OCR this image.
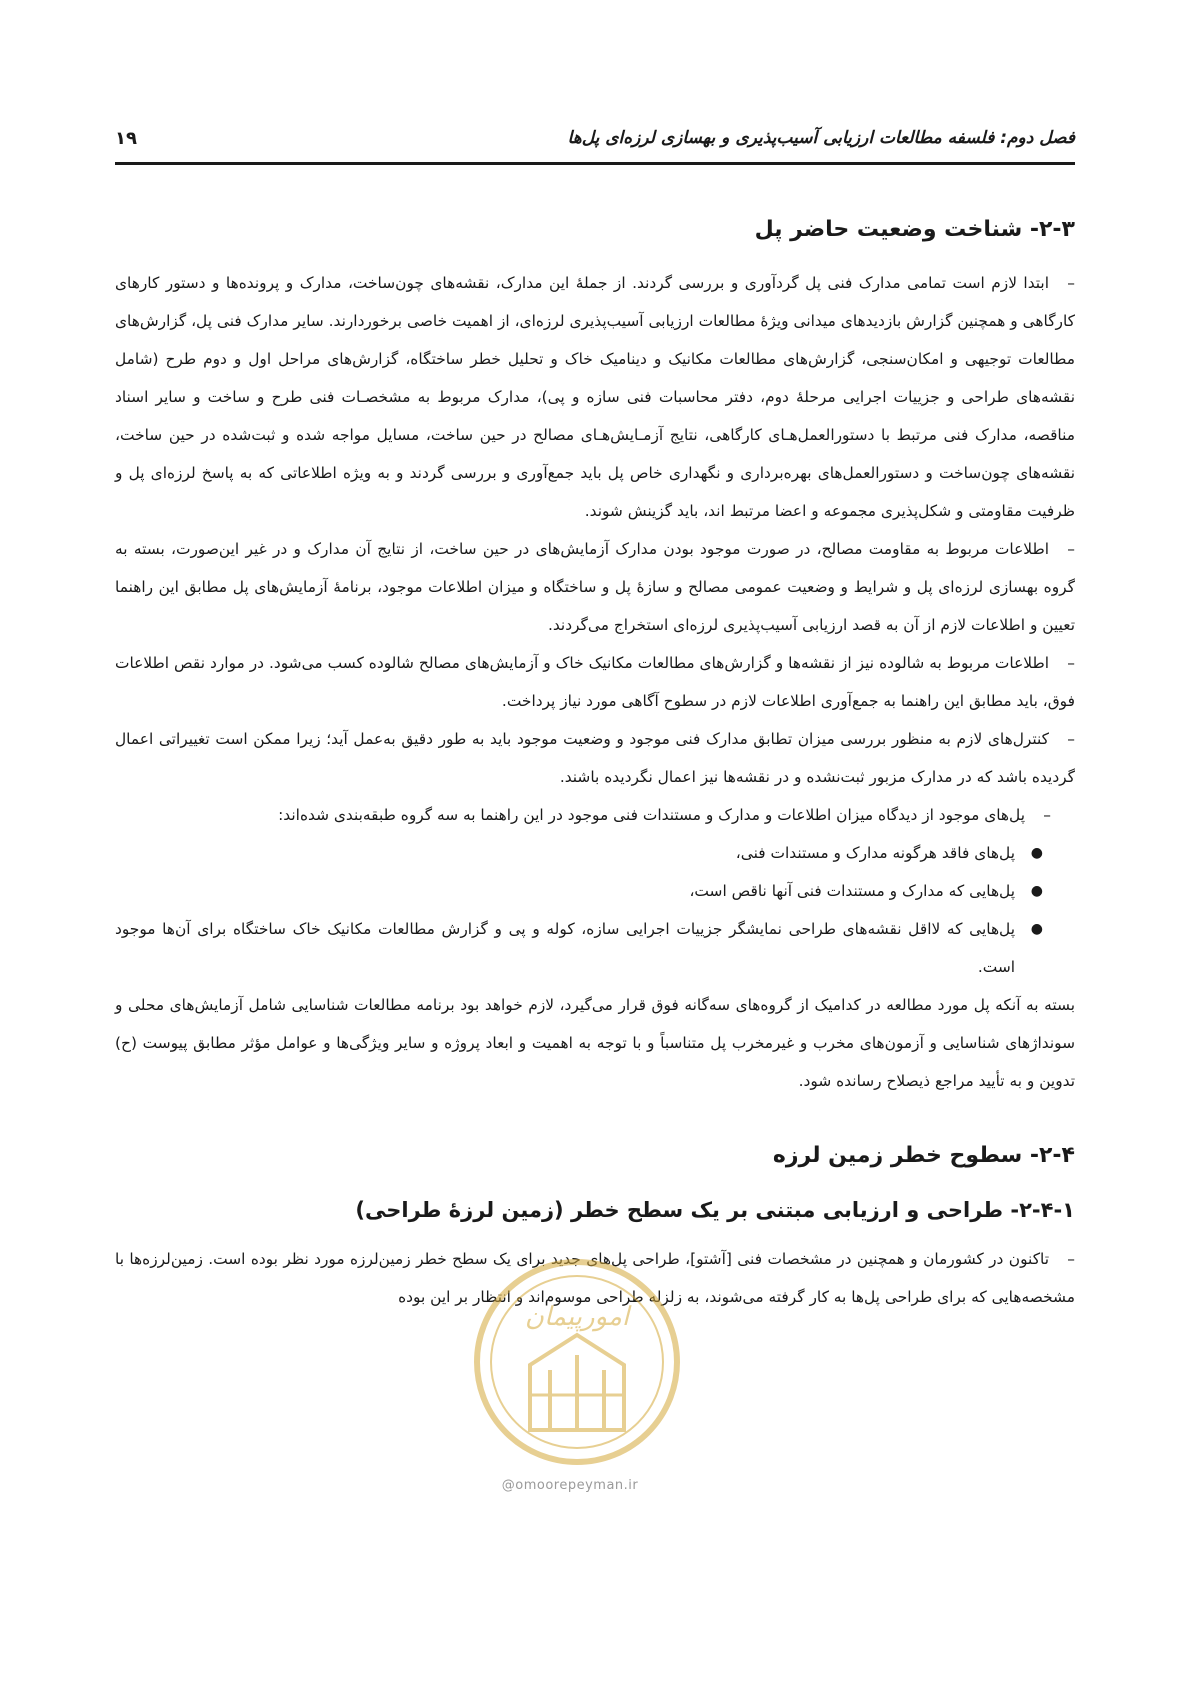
فصل دوم: فلسفه مطالعات ارزیابی آسیب‌پذیری و بهسازی لرزه‌ای پل‌ها
۱۹
۲-۳- شناخت وضعیت حاضر پل

–ابتدا لازم است تمامی مدارک فنی پل گردآوری و بررسی گردند. از جملهٔ این مدارک، نقشه‌های چون‌ساخت، مدارک و پرونده‌ها و دستور کارهای کارگاهی و همچنین گزارش بازدیدهای میدانی ویژهٔ مطالعات ارزیابی آسیب‌پذیری لرزه‌ای، از اهمیت خاصی برخوردارند. سایر مدارک فنی پل، گزارش‌های مطالعات توجیهی و امکان‌سنجی، گزارش‌های مطالعات مکانیک و دینامیک خاک و تحلیل خطر ساختگاه، گزارش‌های مراحل اول و دوم طرح (شامل نقشه‌های طراحی و جزییات اجرایی مرحلهٔ دوم، دفتر محاسبات فنی سازه و پی)، مدارک مربوط به مشخصـات فنی طرح و ساخت و سایر اسناد مناقصه، مدارک فنی مرتبط با دستورالعمل‌هـای کارگاهی، نتایج آزمـایش‌هـای مصالح در حین ساخت، مسایل مواجه شده و ثبت‌شده در حین ساخت، نقشه‌های چون‌ساخت و دستورالعمل‌های بهره‌برداری و نگهداری خاص پل باید جمع‌آوری و بررسی گردند و به ویژه اطلاعاتی که به پاسخ لرزه‌ای پل و ظرفیت مقاومتی و شکل‌پذیری مجموعه و اعضا مرتبط اند، باید گزینش شوند.

–اطلاعات مربوط به مقاومت مصالح، در صورت موجود بودن مدارک آزمایش‌های در حین ساخت، از نتایج آن مدارک و در غیر این‌صورت، بسته به گروه بهسازی لرزه‌ای پل و شرایط و وضعیت عمومی مصالح و سازهٔ پل و ساختگاه و میزان اطلاعات موجود، برنامهٔ آزمایش‌های پل مطابق این راهنما تعیین و اطلاعات لازم از آن به قصد ارزیابی آسیب‌پذیری لرزه‌ای استخراج می‌گردند.

–اطلاعات مربوط به شالوده نیز از نقشه‌ها و گزارش‌های مطالعات مکانیک خاک و آزمایش‌های مصالح شالوده کسب می‌شود. در موارد نقص اطلاعات فوق، باید مطابق این راهنما به جمع‌آوری اطلاعات لازم در سطوح آگاهی مورد نیاز پرداخت.

–کنترل‌های لازم به منظور بررسی میزان تطابق مدارک فنی موجود و وضعیت موجود باید به طور دقیق به‌عمل آید؛ زیرا ممکن است تغییراتی اعمال گردیده باشد که در مدارک مزبور ثبت‌نشده و در نقشه‌ها نیز اعمال نگردیده باشند.

–پل‌های موجود از دیدگاه میزان اطلاعات و مدارک و مستندات فنی موجود در این راهنما به سه گروه طبقه‌بندی شده‌اند:

●
پل‌های فاقد هرگونه مدارک و مستندات فنی،
●
پل‌هایی که مدارک و مستندات فنی آنها ناقص است،
●
پل‌هایی که لااقل نقشه‌های طراحی نمایشگر جزییات اجرایی سازه، کوله و پی و گزارش مطالعات مکانیک خاک ساختگاه برای آن‌ها موجود است.

بسته به آنکه پل مورد مطالعه در کدامیک از گروه‌های سه‌گانه فوق قرار می‌گیرد، لازم خواهد بود برنامه مطالعات شناسایی شامل آزمایش‌های محلی و سونداژهای شناسایی و آزمون‌های مخرب و غیرمخرب پل متناسباً و با توجه به اهمیت و ابعاد پروژه و سایر ویژگی‌ها و عوامل مؤثر مطابق پیوست (ح) تدوین و به تأیید مراجع ذیصلاح رسانده شود.

۲-۴- سطوح خطر زمین لرزه
۲-۴-۱- طراحی و ارزیابی مبتنی بر یک سطح خطر (زمین لرزهٔ طراحی)

–تاکنون در کشورمان و همچنین در مشخصات فنی [آشتو]، طراحی پل‌های جدید برای یک سطح خطر زمین‌لرزه مورد نظر بوده است. زمین‌لرزه‌ها با مشخصه‌هایی که برای طراحی پل‌ها به کار گرفته می‌شوند، به زلزله طراحی موسوم‌اند و انتظار بر این بوده

امورپیمان
@omoorepeyman.ir
